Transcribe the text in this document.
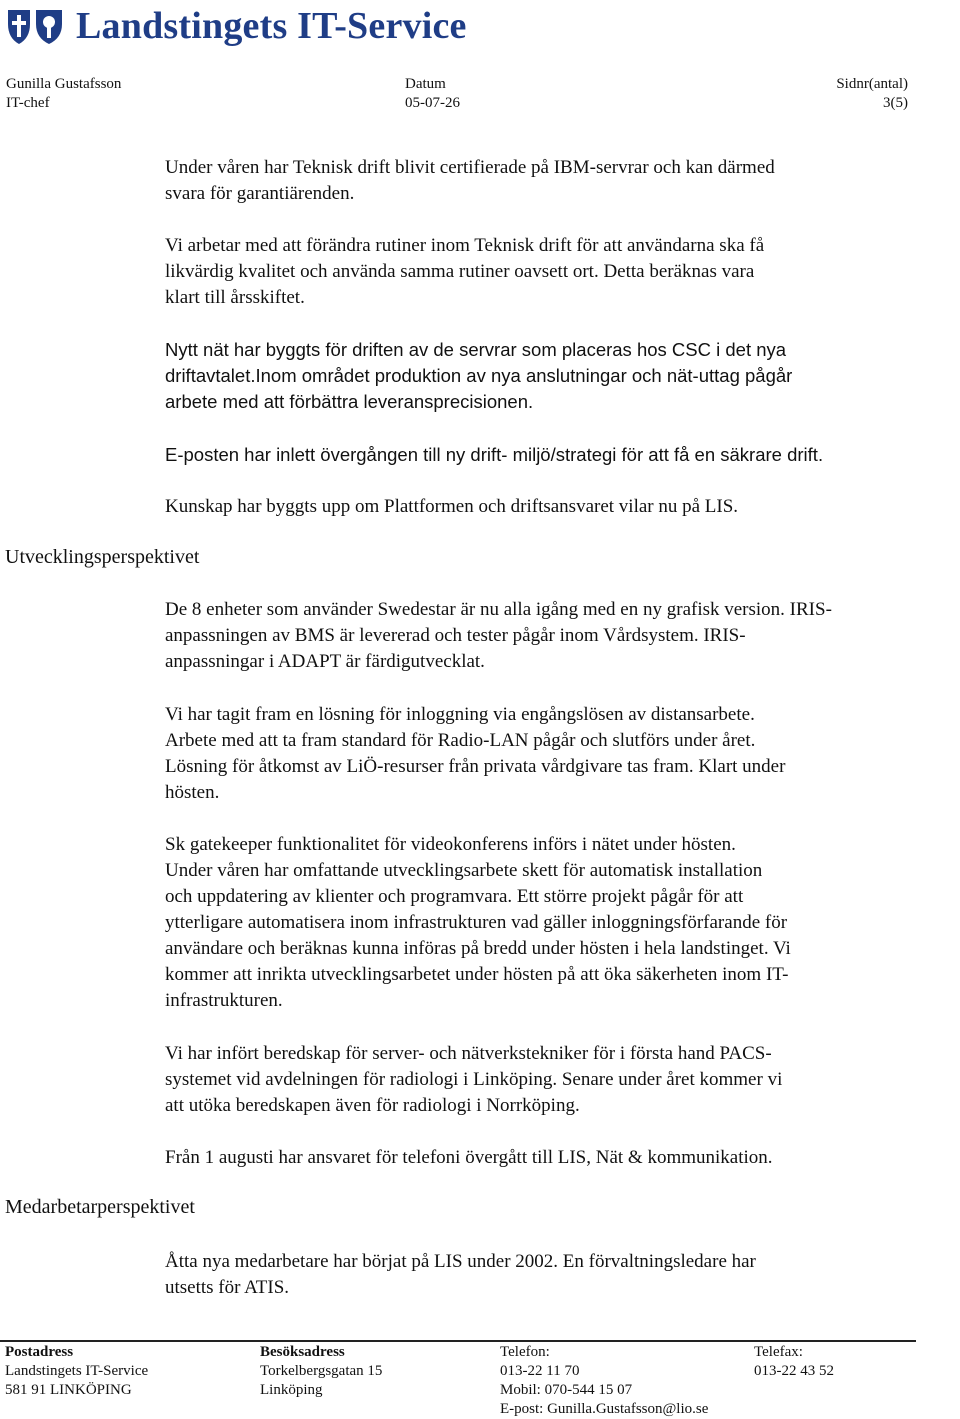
Landstingets IT-Service
Gunilla Gustafsson
IT-chef
Datum
05-07-26
Sidnr(antal)
3(5)
Utvecklingsperspektivet
Medarbetarperspektivet
Under våren har Teknisk drift blivit certifierade på IBM-servrar och kan därmed
svara för garantiärenden.
Vi arbetar med att förändra rutiner inom Teknisk drift för att användarna ska få
likvärdig kvalitet och använda samma rutiner oavsett ort. Detta beräknas vara
klart till årsskiftet.
Nytt nät har byggts för driften av de servrar som placeras hos CSC i det nya
driftavtalet.Inom området produktion av nya anslutningar och nät-uttag pågår
arbete med att förbättra leveransprecisionen.
E-posten har inlett övergången till ny drift- miljö/strategi för att få en säkrare drift.
Kunskap har byggts upp om Plattformen och driftsansvaret vilar nu på LIS.
De 8 enheter som använder Swedestar är nu alla igång med en ny grafisk version. IRIS-
anpassningen av BMS är levererad och tester pågår inom Vårdsystem. IRIS-
anpassningar i ADAPT är färdigutvecklat.
Vi har tagit fram en lösning för inloggning via engångslösen av distansarbete.
Arbete med att ta fram standard för Radio-LAN pågår och slutförs under året.
Lösning för åtkomst av LiÖ-resurser från privata vårdgivare tas fram. Klart under
hösten.
Sk gatekeeper funktionalitet för videokonferens införs i nätet under hösten.
Under våren har omfattande utvecklingsarbete skett för automatisk installation
och uppdatering av klienter och programvara. Ett större projekt pågår för att
ytterligare automatisera inom infrastrukturen vad gäller inloggningsförfarande för
användare och beräknas kunna införas på bredd under hösten i hela landstinget. Vi
kommer att inrikta utvecklingsarbetet under hösten på att öka säkerheten inom IT-
infrastrukturen.
Vi har infört beredskap för server- och nätverkstekniker för i första hand PACS-
systemet vid avdelningen för radiologi i Linköping. Senare under året kommer vi
att utöka beredskapen även för radiologi i Norrköping.
Från 1 augusti har ansvaret för telefoni övergått till LIS, Nät & kommunikation.
Åtta nya medarbetare har börjat på LIS under 2002. En förvaltningsledare har
utsetts för ATIS.
Postadress
Landstingets IT-Service
581 91 LINKÖPING
Besöksadress
Torkelbergsgatan 15
Linköping
Telefon:
013-22 11 70
Mobil: 070-544 15 07
E-post: Gunilla.Gustafsson@lio.se
Telefax:
013-22 43 52
